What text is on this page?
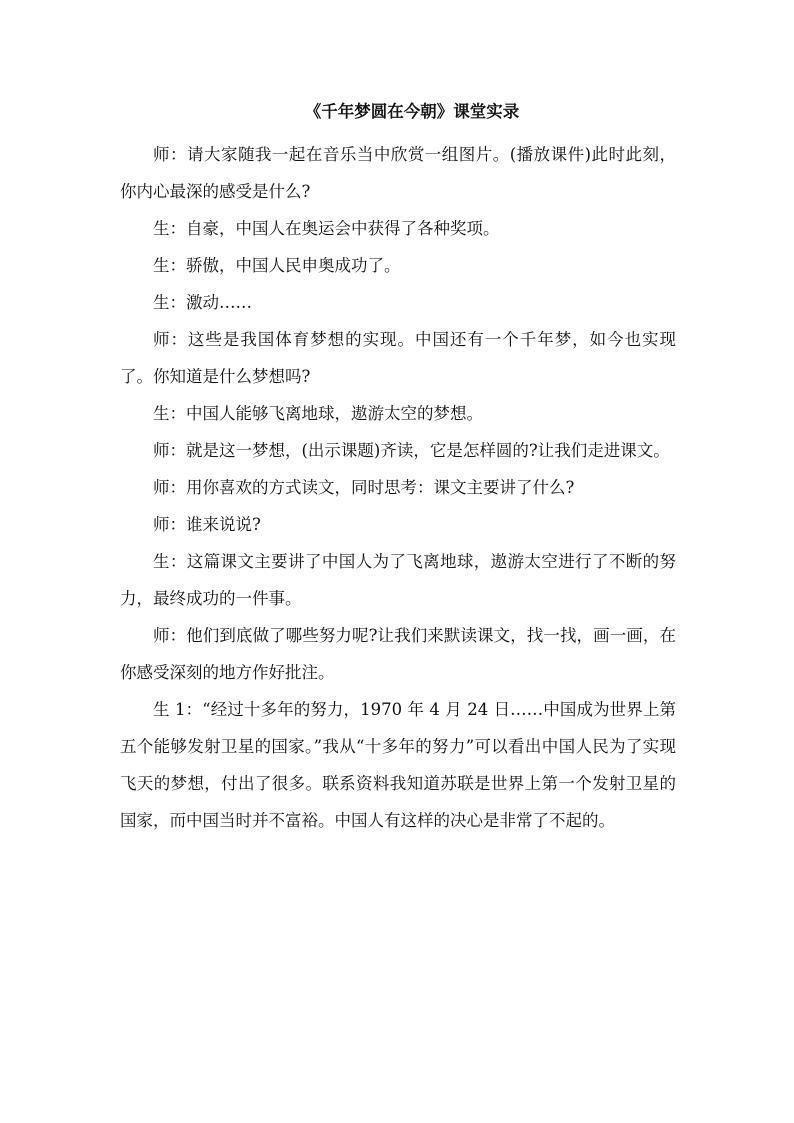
《千年梦圆在今朝》课堂实录

师：请大家随我一起在音乐当中欣赏一组图片。(播放课件)此时此刻，你内心最深的感受是什么?

生：自豪，中国人在奥运会中获得了各种奖项。

生：骄傲，中国人民申奥成功了。

生：激动……

师：这些是我国体育梦想的实现。中国还有一个千年梦，如今也实现了。你知道是什么梦想吗?

生：中国人能够飞离地球，遨游太空的梦想。

师：就是这一梦想，(出示课题)齐读，它是怎样圆的?让我们走进课文。

师：用你喜欢的方式读文，同时思考：课文主要讲了什么?

师：谁来说说?

生：这篇课文主要讲了中国人为了飞离地球，遨游太空进行了不断的努力，最终成功的一件事。

师：他们到底做了哪些努力呢?让我们来默读课文，找一找，画一画，在你感受深刻的地方作好批注。

生 1：“经过十多年的努力，1970 年 4 月 24 日……中国成为世界上第五个能够发射卫星的国家。”我从“十多年的努力”可以看出中国人民为了实现飞天的梦想，付出了很多。联系资料我知道苏联是世界上第一个发射卫星的国家，而中国当时并不富裕。中国人有这样的决心是非常了不起的。
